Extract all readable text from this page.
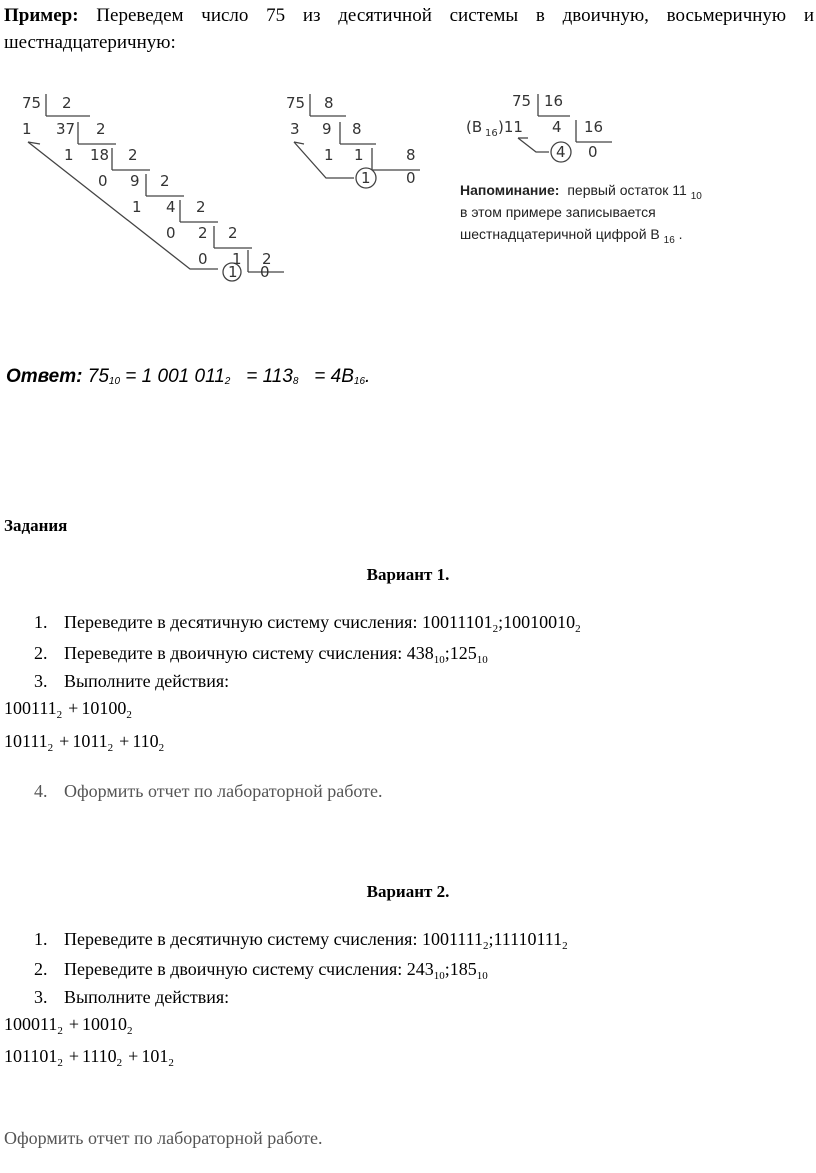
Пример: Переведем число 75 из десятичной системы в двоичную, восьмеричную и шестнадцатеричную:
75 2
1 37 2
1 18 2
0 9 2
1 4 2
0 2 2
0 1 2
1 0
75 8
3 9 8
1 1	8
1 0
75 16
(B 16 )11 4 16
4 0
Напоминание: первый остаток 11 $_{10}$
в этом примере записывается
шестнадцатеричной цифрой B $_{16}$ .
Ответ: $75_{10} = 1$ 001 $011_2 = 113_8 = 4B_{16}$.
Задания
Вариант 1.
1. Переведите в десятичную систему счисления: $10011101_2;10010010_2$
2. Переведите в двоичную систему счисления: $438_{10};125_{10}$
3. Выполните действия:
$100111_2 + 10100_2$
$10111_2 + 1011_2 + 110_2$
4. Оформить отчет по лабораторной работе.
Вариант 2.
1. Переведите в десятичную систему счисления: $1001111_2;11110111_2$
2. Переведите в двоичную систему счисления: $243_{10};185_{10}$
3. Выполните действия:
$100011_2 + 10010_2$
$101101_2 + 1110_2 + 101_2$
Оформить отчет по лабораторной работе.
